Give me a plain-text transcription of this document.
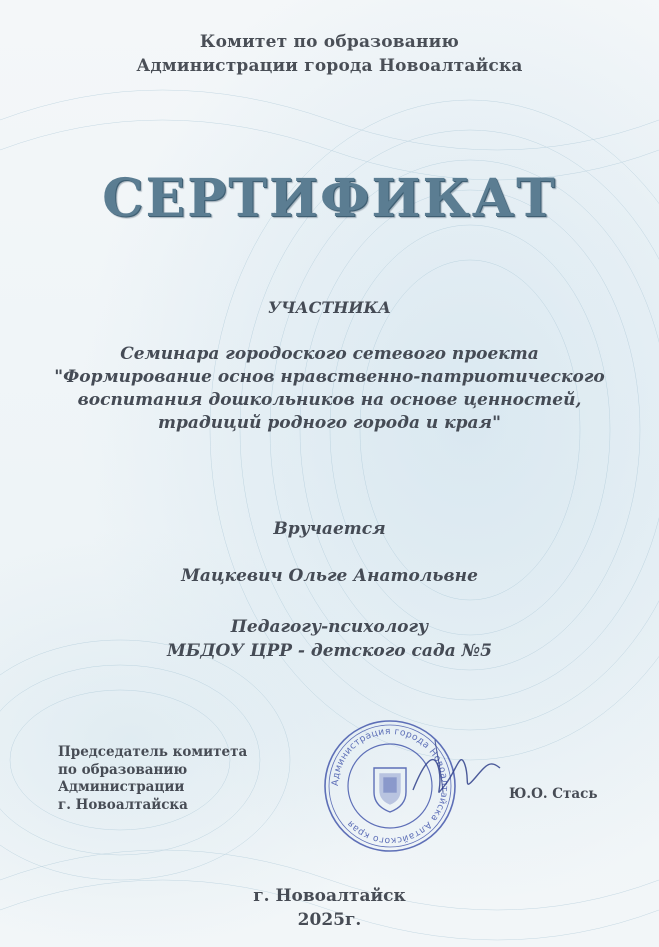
Комитет по образованию
Администрации города Новоалтайска
СЕРТИФИКАТ
УЧАСТНИКА
Семинара городоского сетевого проекта
"Формирование основ нравственно-патриотического
воспитания дошкольников на основе ценностей,
традиций родного города и края"
Вручается
Мацкевич Ольге Анатольвне
Педагогу-психологу
МБДОУ ЦРР - детского сада №5
Председатель комитета
по образованию
Администрации
г. Новоалтайска
Администрация города Новоалтайска Алтайского края
Ю.О. Стась
г. Новоалтайск
2025г.
